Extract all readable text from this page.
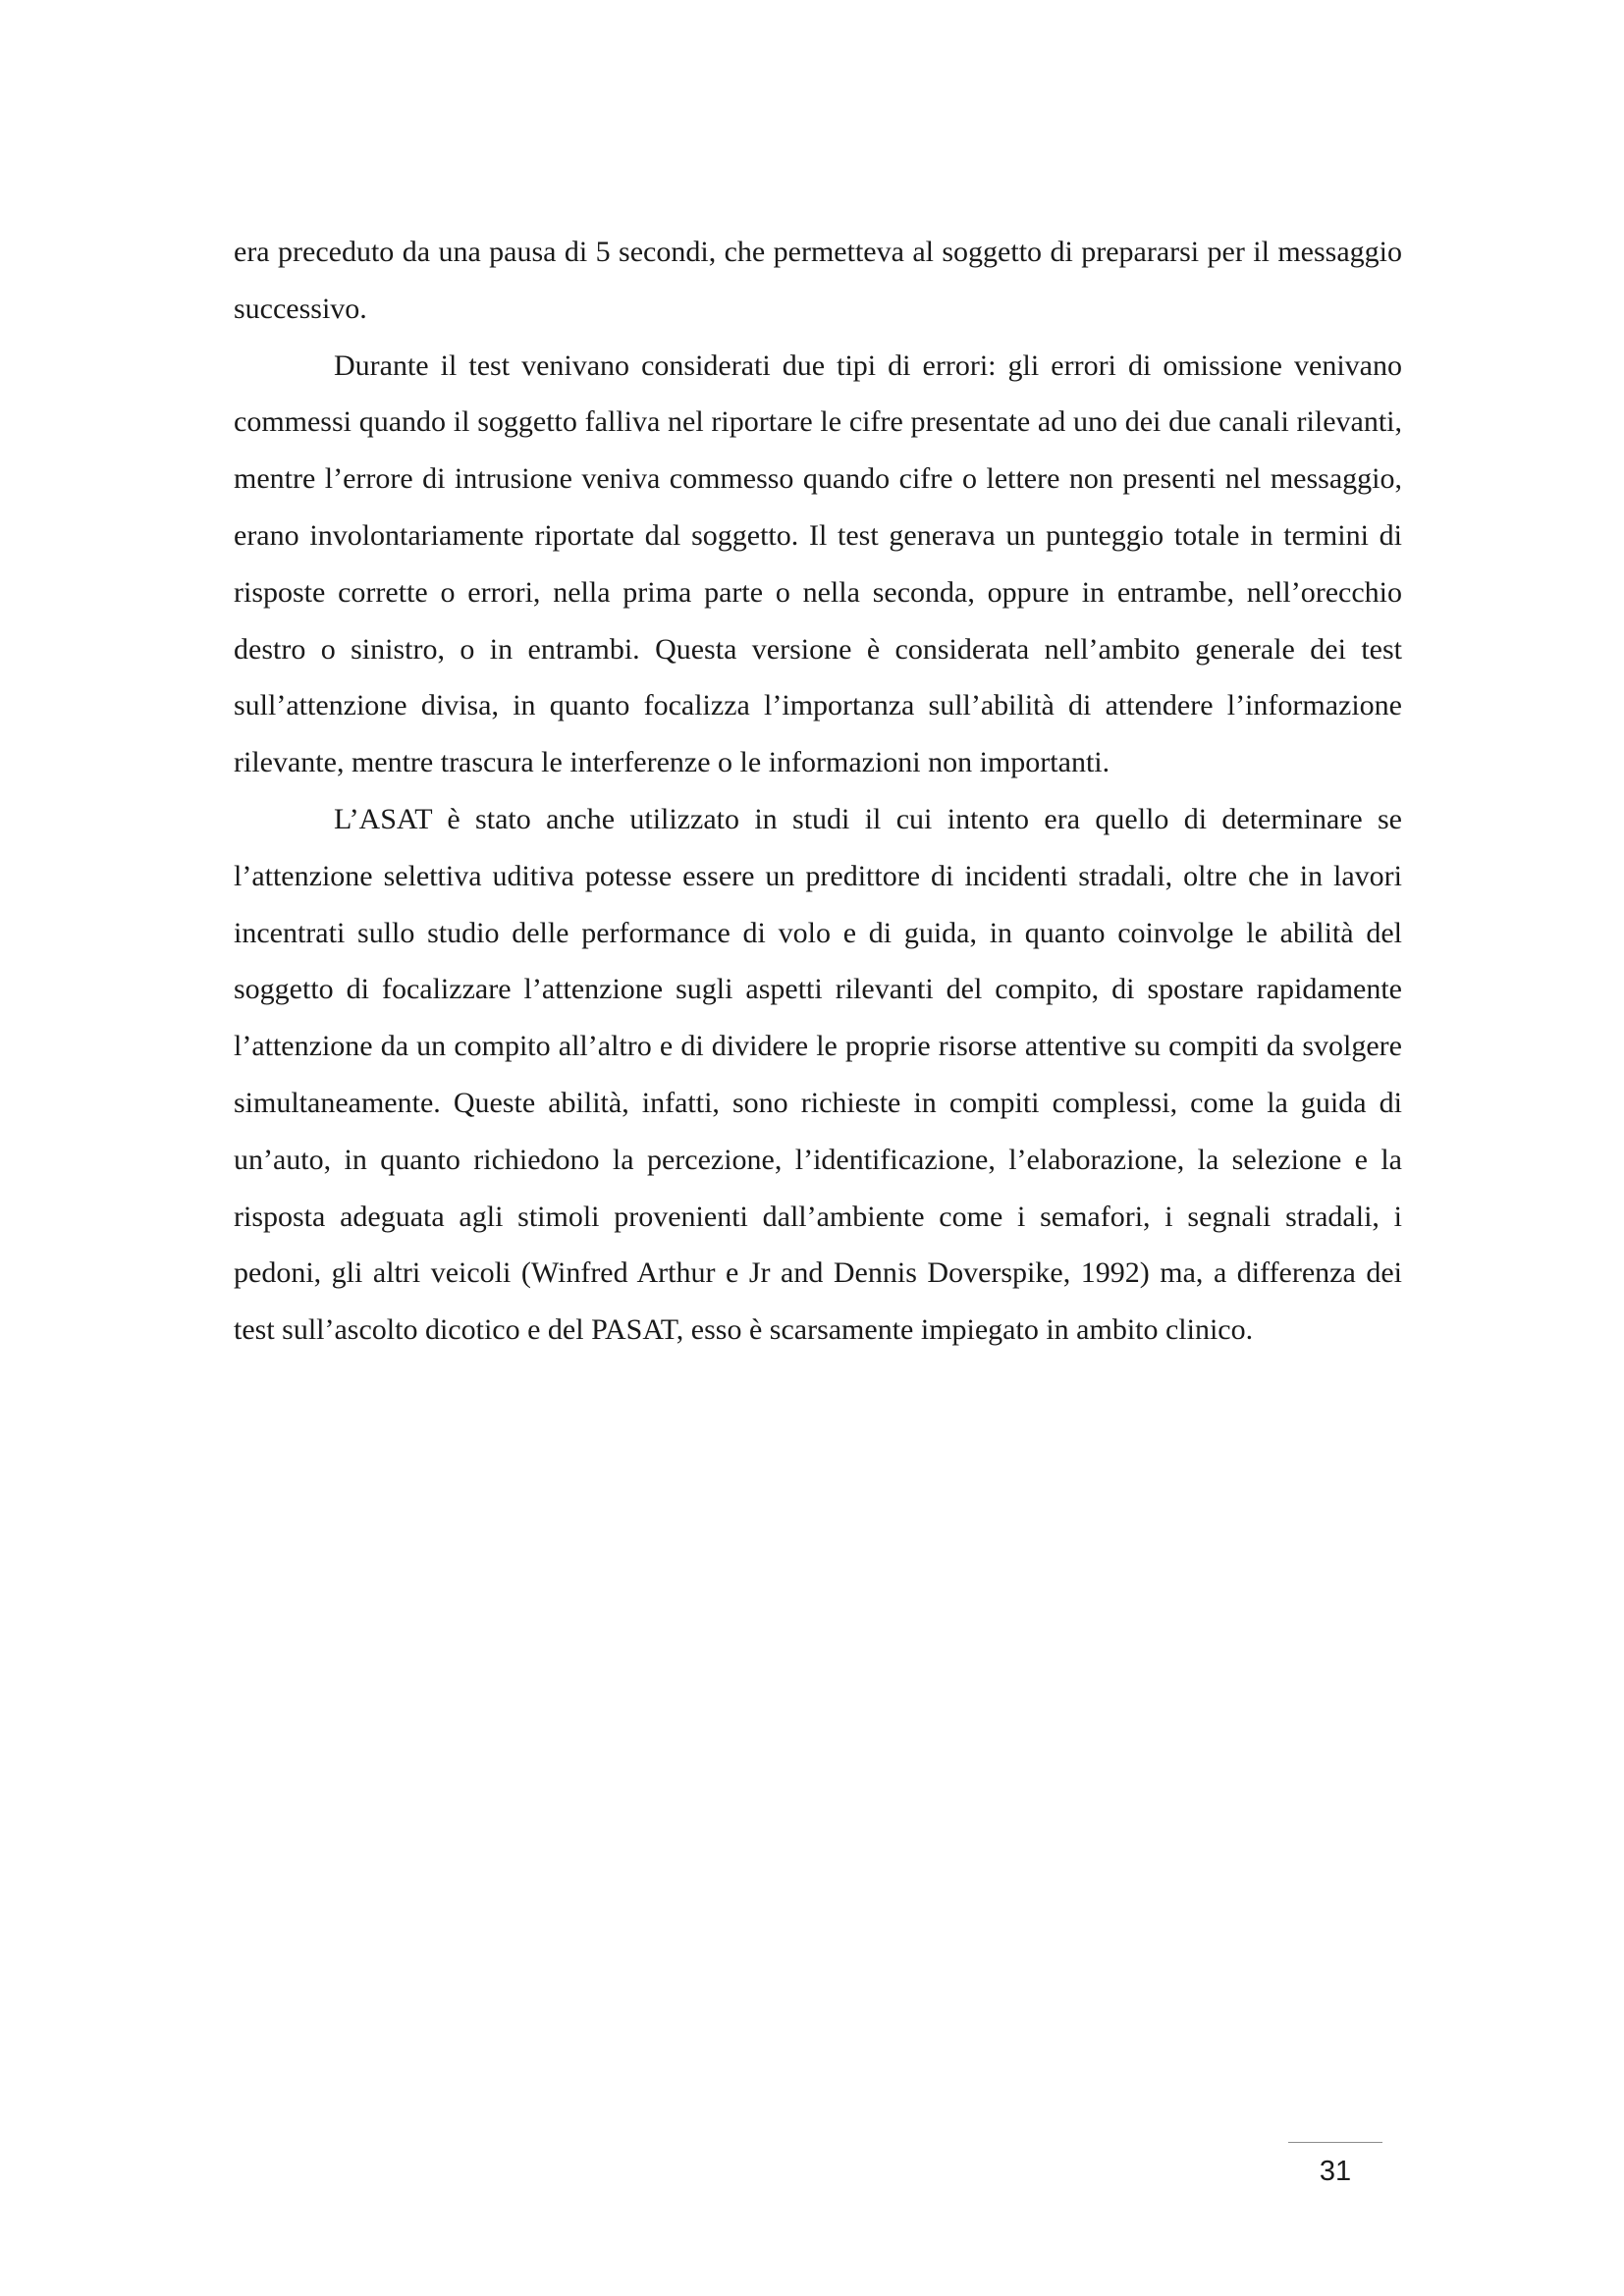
era preceduto da una pausa di 5 secondi, che permetteva al soggetto di prepararsi per il messaggio successivo.

Durante il test venivano considerati due tipi di errori: gli errori di omissione venivano commessi quando il soggetto falliva nel riportare le cifre presentate ad uno dei due canali rilevanti, mentre l’errore di intrusione veniva commesso quando cifre o lettere non presenti nel messaggio, erano involontariamente riportate dal soggetto. Il test generava un punteggio totale in termini di risposte corrette o errori, nella prima parte o nella seconda, oppure in entrambe, nell’orecchio destro o sinistro, o in entrambi. Questa versione è considerata nell’ambito generale dei test sull’attenzione divisa, in quanto focalizza l’importanza sull’abilità di attendere l’informazione rilevante, mentre trascura le interferenze o le informazioni non importanti.

L’ASAT è stato anche utilizzato in studi il cui intento era quello di determinare se l’attenzione selettiva uditiva potesse essere un predittore di incidenti stradali, oltre che in lavori incentrati sullo studio delle performance di volo e di guida, in quanto coinvolge le abilità del soggetto di focalizzare l’attenzione sugli aspetti rilevanti del compito, di spostare rapidamente l’attenzione da un compito all’altro e di dividere le proprie risorse attentive su compiti da svolgere simultaneamente. Queste abilità, infatti, sono richieste in compiti complessi, come la guida di un’auto, in quanto richiedono la percezione, l’identificazione, l’elaborazione, la selezione e la risposta adeguata agli stimoli provenienti dall’ambiente come i semafori, i segnali stradali, i pedoni, gli altri veicoli (Winfred Arthur e Jr and Dennis Doverspike, 1992) ma, a differenza dei test sull’ascolto dicotico e del PASAT, esso è scarsamente impiegato in ambito clinico.

31
